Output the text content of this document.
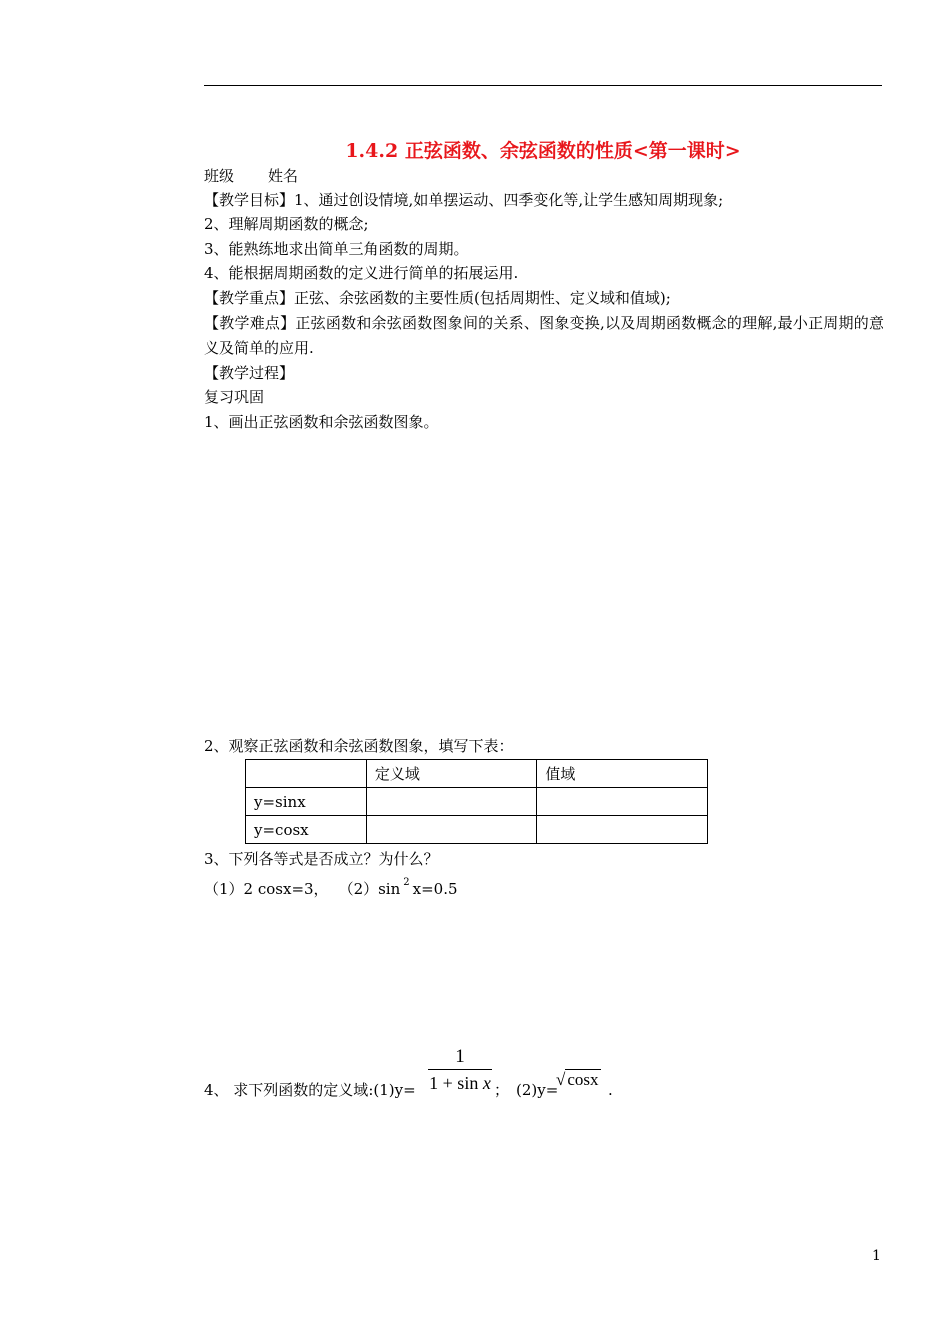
1.4.2 正弦函数、余弦函数的性质<第一课时>
班级 姓名
【教学目标】1、通过创设情境,如单摆运动、四季变化等,让学生感知周期现象;
2、理解周期函数的概念;
3、能熟练地求出简单三角函数的周期。
4、能根据周期函数的定义进行简单的拓展运用.
【教学重点】正弦、余弦函数的主要性质(包括周期性、定义域和值域);
【教学难点】正弦函数和余弦函数图象间的关系、图象变换,以及周期函数概念的理解,最小正周期的意义及简单的应用.
【教学过程】
复习巩固
1、画出正弦函数和余弦函数图象。
2、观察正弦函数和余弦函数图象，填写下表：
	定义域	值域
y=sinx		
y=cosx		
3、下列各等式是否成立？为什么？
（1）2 cosx=3， （2）sin $^2$ x=0.5
4、 求下列函数的定义域:(1)y=
1
1 + sin x ； (2)y=
√ cosx
.
1
